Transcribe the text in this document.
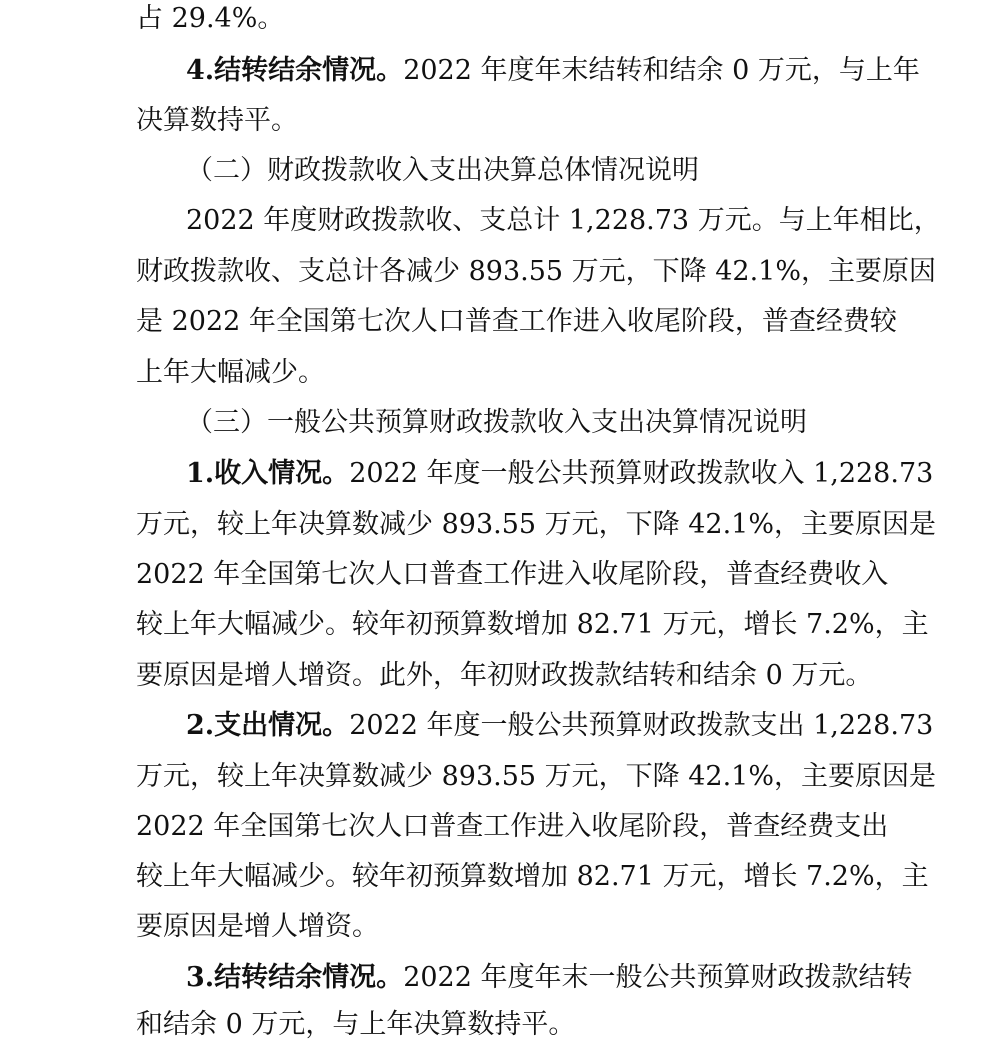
占 29.4%。
4.结转结余情况。2022 年度年末结转和结余 0 万元，与上年
决算数持平。
（二）财政拨款收入支出决算总体情况说明
2022 年度财政拨款收、支总计 1,228.73 万元。与上年相比，
财政拨款收、支总计各减少 893.55 万元，下降 42.1%，主要原因
是 2022 年全国第七次人口普查工作进入收尾阶段，普查经费较
上年大幅减少。
（三）一般公共预算财政拨款收入支出决算情况说明
1.收入情况。2022 年度一般公共预算财政拨款收入 1,228.73
万元，较上年决算数减少 893.55 万元，下降 42.1%，主要原因是
2022 年全国第七次人口普查工作进入收尾阶段，普查经费收入
较上年大幅减少。较年初预算数增加 82.71 万元，增长 7.2%，主
要原因是增人增资。此外，年初财政拨款结转和结余 0 万元。
2.支出情况。2022 年度一般公共预算财政拨款支出 1,228.73
万元，较上年决算数减少 893.55 万元，下降 42.1%，主要原因是
2022 年全国第七次人口普查工作进入收尾阶段，普查经费支出
较上年大幅减少。较年初预算数增加 82.71 万元，增长 7.2%，主
要原因是增人增资。
3.结转结余情况。2022 年度年末一般公共预算财政拨款结转
和结余 0 万元，与上年决算数持平。
